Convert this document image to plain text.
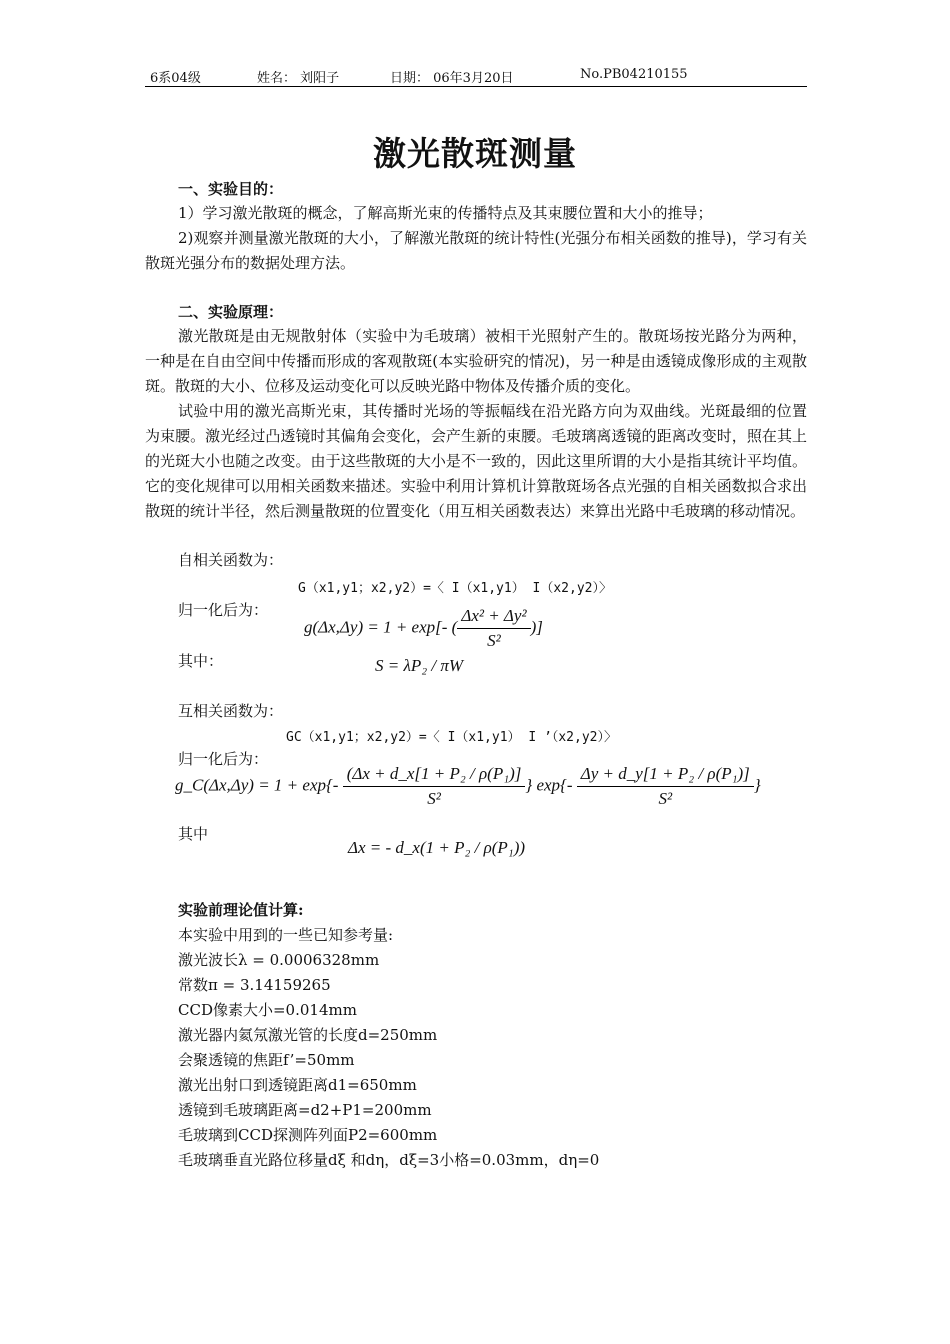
6系04级	姓名： 刘阳子	日期： 06年3月20日	No.PB04210155
激光散斑测量
一、实验目的：
1）学习激光散斑的概念，了解高斯光束的传播特点及其束腰位置和大小的推导；
2)观察并测量激光散斑的大小，了解激光散斑的统计特性(光强分布相关函数的推导)，学习有关散斑光强分布的数据处理方法。
二、实验原理：
激光散斑是由无规散射体（实验中为毛玻璃）被相干光照射产生的。散斑场按光路分为两种，一种是在自由空间中传播而形成的客观散斑(本实验研究的情况)，另一种是由透镜成像形成的主观散斑。散斑的大小、位移及运动变化可以反映光路中物体及传播介质的变化。
试验中用的激光高斯光束，其传播时光场的等振幅线在沿光路方向为双曲线。光斑最细的位置为束腰。激光经过凸透镜时其偏角会变化，会产生新的束腰。毛玻璃离透镜的距离改变时，照在其上的光斑大小也随之改变。由于这些散斑的大小是不一致的，因此这里所谓的大小是指其统计平均值。它的变化规律可以用相关函数来描述。实验中利用计算机计算散斑场各点光强的自相关函数拟合求出散斑的统计半径，然后测量散斑的位置变化（用互相关函数表达）来算出光路中毛玻璃的移动情况。
自相关函数为：
G（x1,y1；x2,y2）=〈 I（x1,y1） I（x2,y2）〉
归一化后为：
g(Δx,Δy) = 1 + exp[- ( $\frac{\text{Δx² + Δy²}}{\text{S²}}$ )]
其中：	S = λP₂ / πW
互相关函数为：
GC（x1,y1；x2,y2）=〈 I（x1,y1） I ’（x2,y2）〉
归一化后为：
g_C(Δx,Δy) = $1 + \exp\{- \frac{\text{(Δx + d\_x[1 + P₂ / ρ(P₁)]}}{\text{S²}}$ } $\exp\{- \frac{\text{Δy + d\_y[1 + P₂ / ρ(P₁)]}}{\text{S²}}$ }
其中
Δx = - d_x(1 + P₂ / ρ(P₁))
实验前理论值计算:
本实验中用到的一些已知参考量:
激光波长λ = 0.0006328mm
常数π = 3.14159265
CCD像素大小=0.014mm
激光器内氦氖激光管的长度d=250mm
会聚透镜的焦距f’=50mm
激光出射口到透镜距离d1=650mm
透镜到毛玻璃距离=d2+P1=200mm
毛玻璃到CCD探测阵列面P2=600mm
毛玻璃垂直光路位移量dξ 和dη，dξ=3小格=0.03mm，dη=0
